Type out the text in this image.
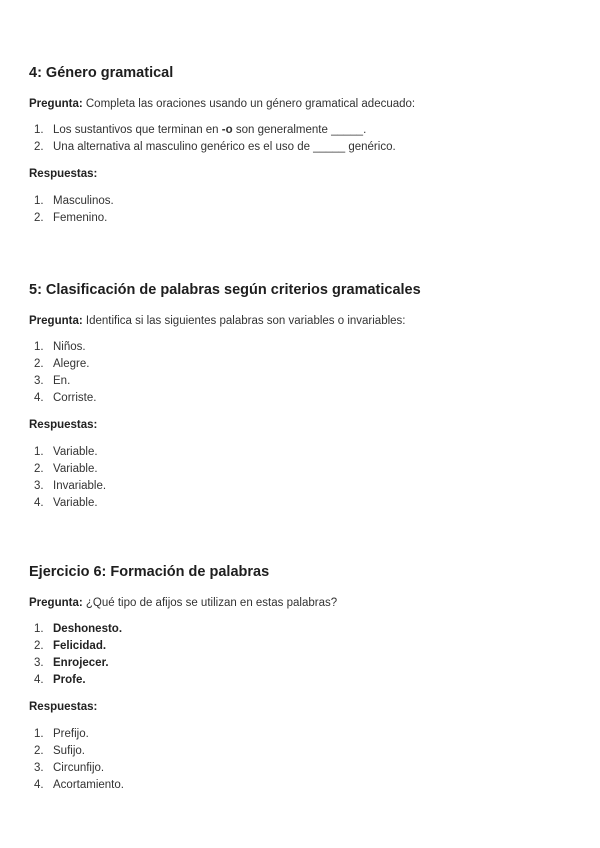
4: Género gramatical

Pregunta: Completa las oraciones usando un género gramatical adecuado:

1. Los sustantivos que terminan en -o son generalmente _____.
2. Una alternativa al masculino genérico es el uso de _____ genérico.

Respuestas:

1. Masculinos.
2. Femenino.
5: Clasificación de palabras según criterios gramaticales

Pregunta: Identifica si las siguientes palabras son variables o invariables:

1. Niños.
2. Alegre.
3. En.
4. Corriste.

Respuestas:

1. Variable.
2. Variable.
3. Invariable.
4. Variable.
Ejercicio 6: Formación de palabras

Pregunta: ¿Qué tipo de afijos se utilizan en estas palabras?

1. Deshonesto.
2. Felicidad.
3. Enrojecer.
4. Profe.

Respuestas:

1. Prefijo.
2. Sufijo.
3. Circunfijo.
4. Acortamiento.
